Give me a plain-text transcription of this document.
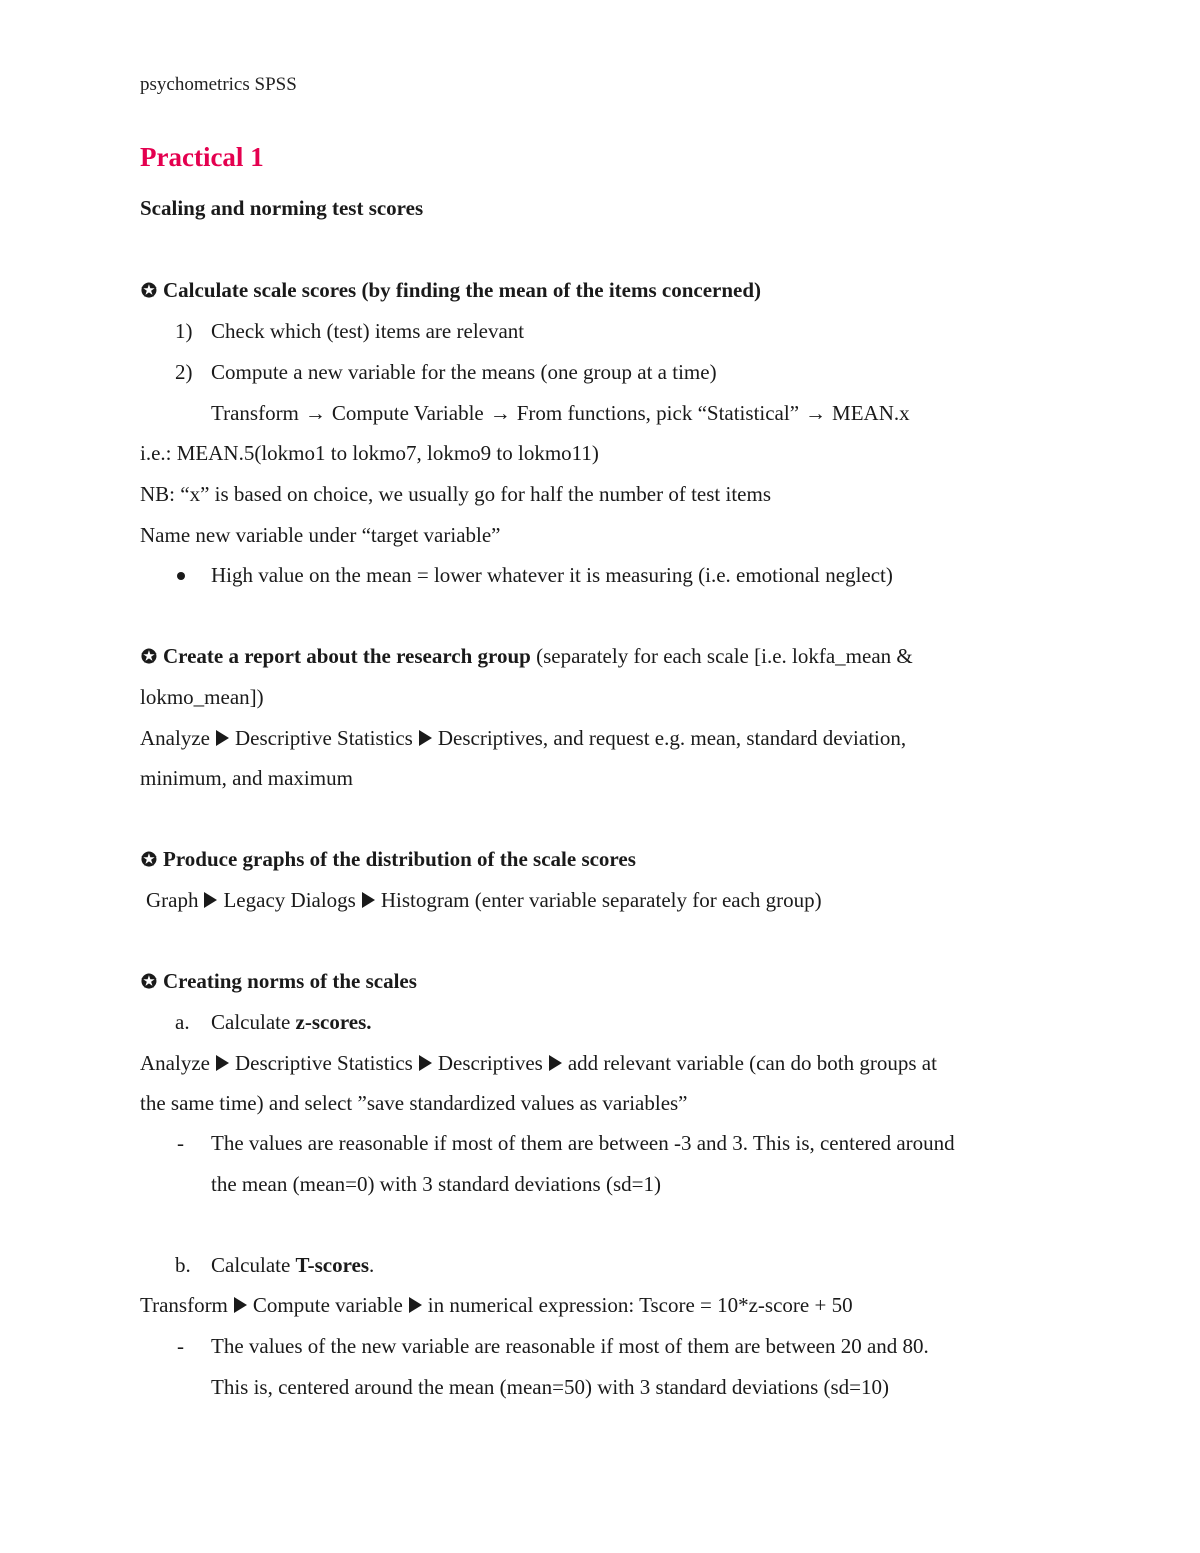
psychometrics SPSS
Practical 1
Scaling and norming test scores
✪ Calculate scale scores (by finding the mean of the items concerned)
1) Check which (test) items are relevant
2) Compute a new variable for the means (one group at a time)
Transform → Compute Variable → From functions, pick “Statistical” → MEAN.x
i.e.: MEAN.5(lokmo1 to lokmo7, lokmo9 to lokmo11)
NB: “x” is based on choice, we usually go for half the number of test items
Name new variable under “target variable”
High value on the mean = lower whatever it is measuring (i.e. emotional neglect)
✪ Create a report about the research group (separately for each scale [i.e. lokfa_mean &
lokmo_mean])
Analyze Descriptive Statistics Descriptives, and request e.g. mean, standard deviation,
minimum, and maximum
✪ Produce graphs of the distribution of the scale scores
Graph Legacy Dialogs Histogram (enter variable separately for each group)
✪ Creating norms of the scales
a. Calculate z-scores.
Analyze Descriptive Statistics Descriptives add relevant variable (can do both groups at
the same time) and select ”save standardized values as variables”
- The values are reasonable if most of them are between -3 and 3. This is, centered around
the mean (mean=0) with 3 standard deviations (sd=1)
b. Calculate T-scores.
Transform Compute variable in numerical expression: Tscore = 10*z-score + 50
- The values of the new variable are reasonable if most of them are between 20 and 80.
This is, centered around the mean (mean=50) with 3 standard deviations (sd=10)
